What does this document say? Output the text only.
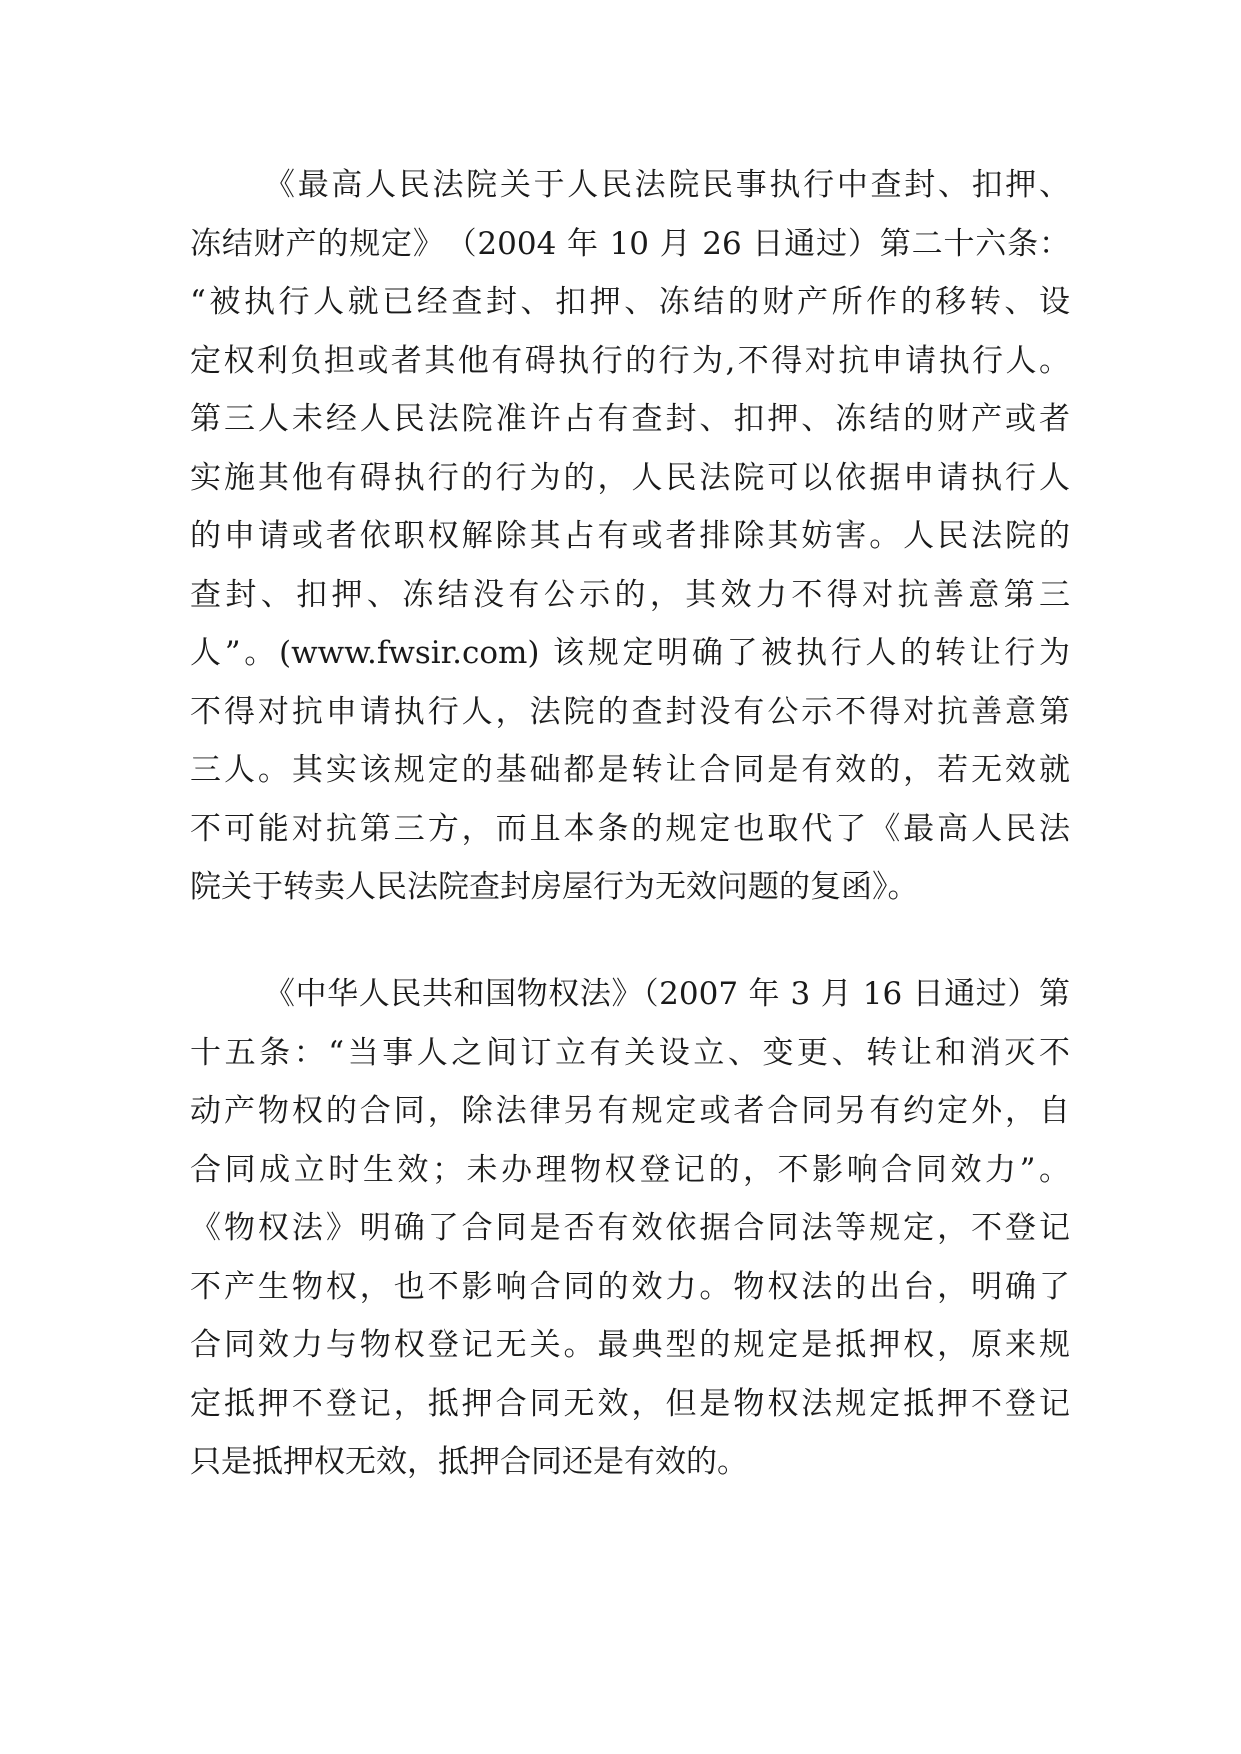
《最高人民法院关于人民法院民事执行中查封、扣押、
冻结财产的规定》　（2004 年 10 月 26 日通过）第二十六条：
“被执行人就已经查封、扣押、冻结的财产所作的移转、设
定权利负担或者其他有碍执行的行为,不得对抗申请执行人。
第三人未经人民法院准许占有查封、扣押、冻结的财产或者
实施其他有碍执行的行为的，人民法院可以依据申请执行人
的申请或者依职权解除其占有或者排除其妨害。人民法院的
查封、扣押、冻结没有公示的，其效力不得对抗善意第三
人”。(www.fwsir.com) 该规定明确了被执行人的转让行为
不得对抗申请执行人，法院的查封没有公示不得对抗善意第
三人。其实该规定的基础都是转让合同是有效的，若无效就
不可能对抗第三方，而且本条的规定也取代了《最高人民法
院关于转卖人民法院查封房屋行为无效问题的复函》。

《中华人民共和国物权法》（2007 年 3 月 16 日通过）第
十五条：“当事人之间订立有关设立、变更、转让和消灭不
动产物权的合同，除法律另有规定或者合同另有约定外，自
合同成立时生效；未办理物权登记的，不影响合同效力”。
《物权法》明确了合同是否有效依据合同法等规定，不登记
不产生物权，也不影响合同的效力。物权法的出台，明确了
合同效力与物权登记无关。最典型的规定是抵押权，原来规
定抵押不登记，抵押合同无效，但是物权法规定抵押不登记
只是抵押权无效，抵押合同还是有效的。
